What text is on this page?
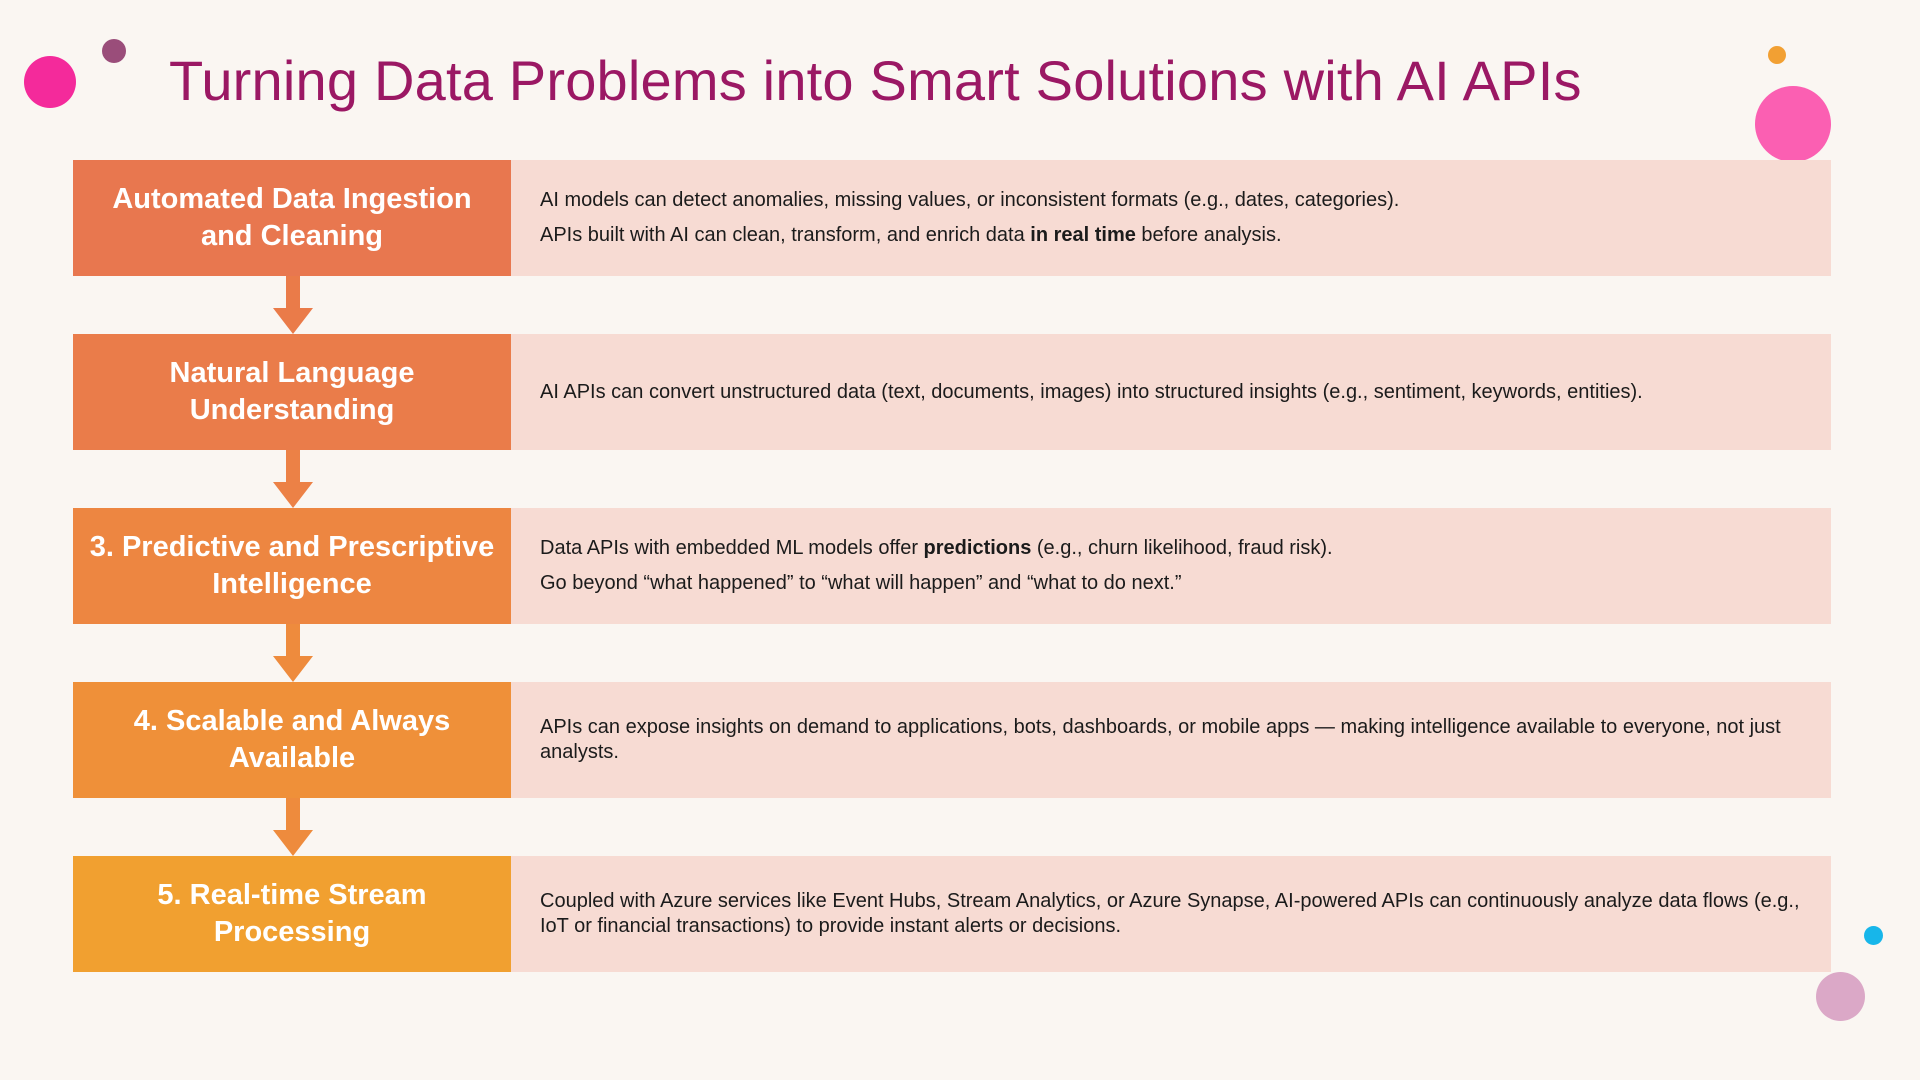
Turning Data Problems into Smart Solutions with AI APIs
Automated Data Ingestion and Cleaning
AI models can detect anomalies, missing values, or inconsistent formats (e.g., dates, categories).
APIs built with AI can clean, transform, and enrich data in real time before analysis.
Natural Language Understanding
AI APIs can convert unstructured data (text, documents, images) into structured insights (e.g., sentiment, keywords, entities).
3. Predictive and Prescriptive Intelligence
Data APIs with embedded ML models offer predictions (e.g., churn likelihood, fraud risk).
Go beyond “what happened” to “what will happen” and “what to do next.”
4. Scalable and Always Available
APIs can expose insights on demand to applications, bots, dashboards, or mobile apps — making intelligence available to everyone, not just analysts.
5. Real-time Stream Processing
Coupled with Azure services like Event Hubs, Stream Analytics, or Azure Synapse, AI-powered APIs can continuously analyze data flows (e.g., IoT or financial transactions) to provide instant alerts or decisions.
